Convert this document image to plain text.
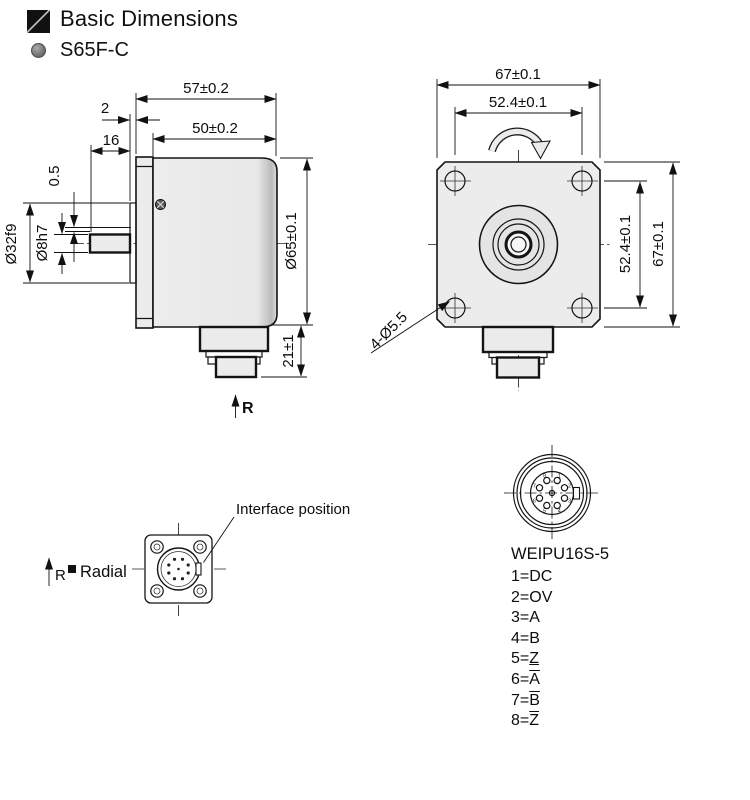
Basic Dimensions
S65F-C
57±0.2
50±0.2
2
16
0.5
Ø8h7
Ø32f9	Ø65±0.1
21±1
R
67±0.1
52.4±0.1
52.4±0.1 67±0.1
4-Ø5.5
R Radial
Interface position
1
2
3
4
5
6
7
8
WEIPU16S-5
1=DC
2=OV
3=A
4=B
5=Z
$6=\overline{A}$
$7=\overline{B}$
$8=\overline{Z}$
